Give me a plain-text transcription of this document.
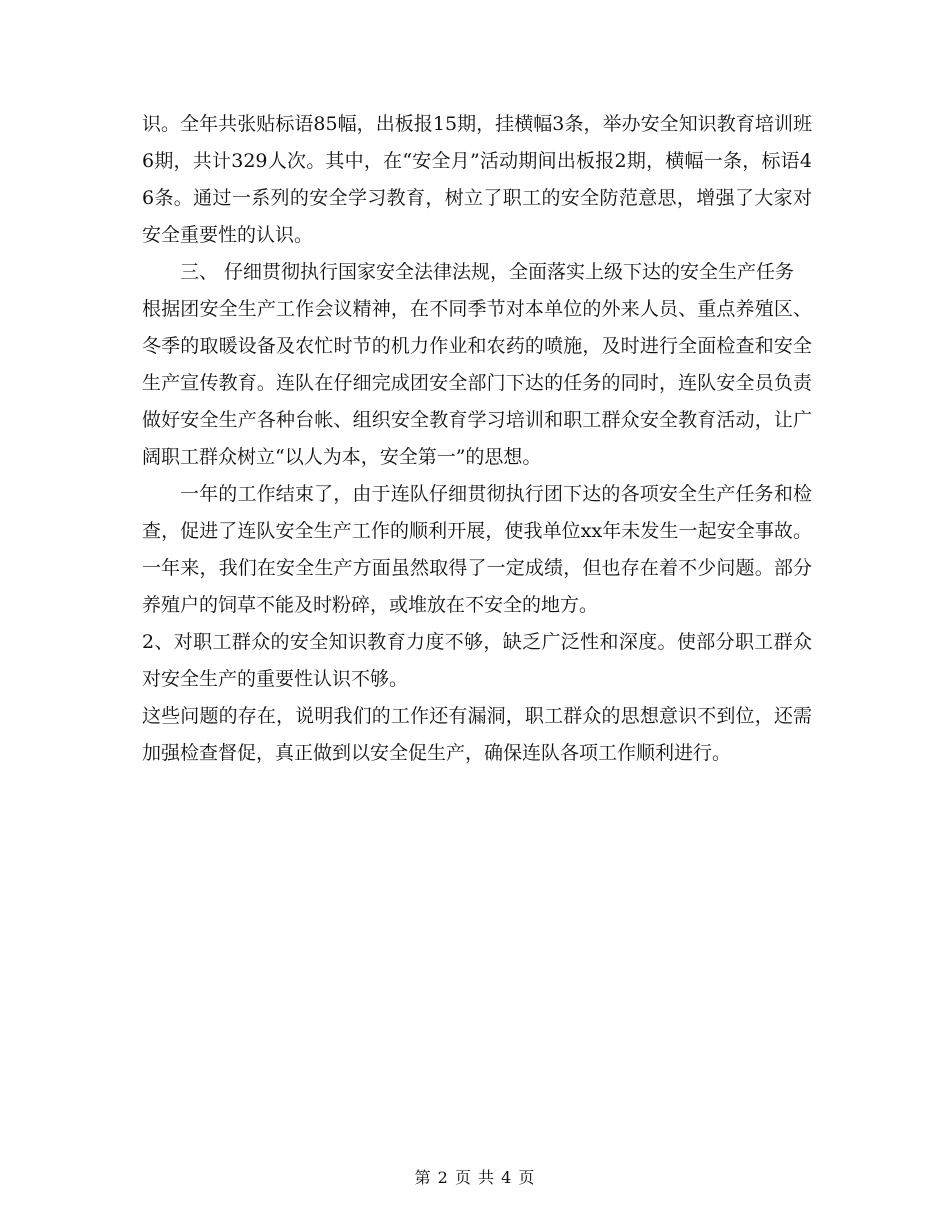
识。全年共张贴标语85幅，出板报15期，挂横幅3条，举办安全知识教育培训班6期，共计329人次。其中，在“安全月”活动期间出板报2期，横幅一条，标语46条。通过一系列的安全学习教育，树立了职工的安全防范意思，增强了大家对安全重要性的认识。

三、 仔细贯彻执行国家安全法律法规，全面落实上级下达的安全生产任务

根据团安全生产工作会议精神，在不同季节对本单位的外来人员、重点养殖区、冬季的取暖设备及农忙时节的机力作业和农药的喷施，及时进行全面检查和安全生产宣传教育。连队在仔细完成团安全部门下达的任务的同时，连队安全员负责做好安全生产各种台帐、组织安全教育学习培训和职工群众安全教育活动，让广阔职工群众树立“以人为本，安全第一”的思想。

一年的工作结束了，由于连队仔细贯彻执行团下达的各项安全生产任务和检查，促进了连队安全生产工作的顺利开展，使我单位xx年未发生一起安全事故。一年来，我们在安全生产方面虽然取得了一定成绩，但也存在着不少问题。部分养殖户的饲草不能及时粉碎，或堆放在不安全的地方。

2、对职工群众的安全知识教育力度不够，缺乏广泛性和深度。使部分职工群众对安全生产的重要性认识不够。

这些问题的存在，说明我们的工作还有漏洞，职工群众的思想意识不到位，还需加强检查督促，真正做到以安全促生产，确保连队各项工作顺利进行。

第 2 页 共 4 页
